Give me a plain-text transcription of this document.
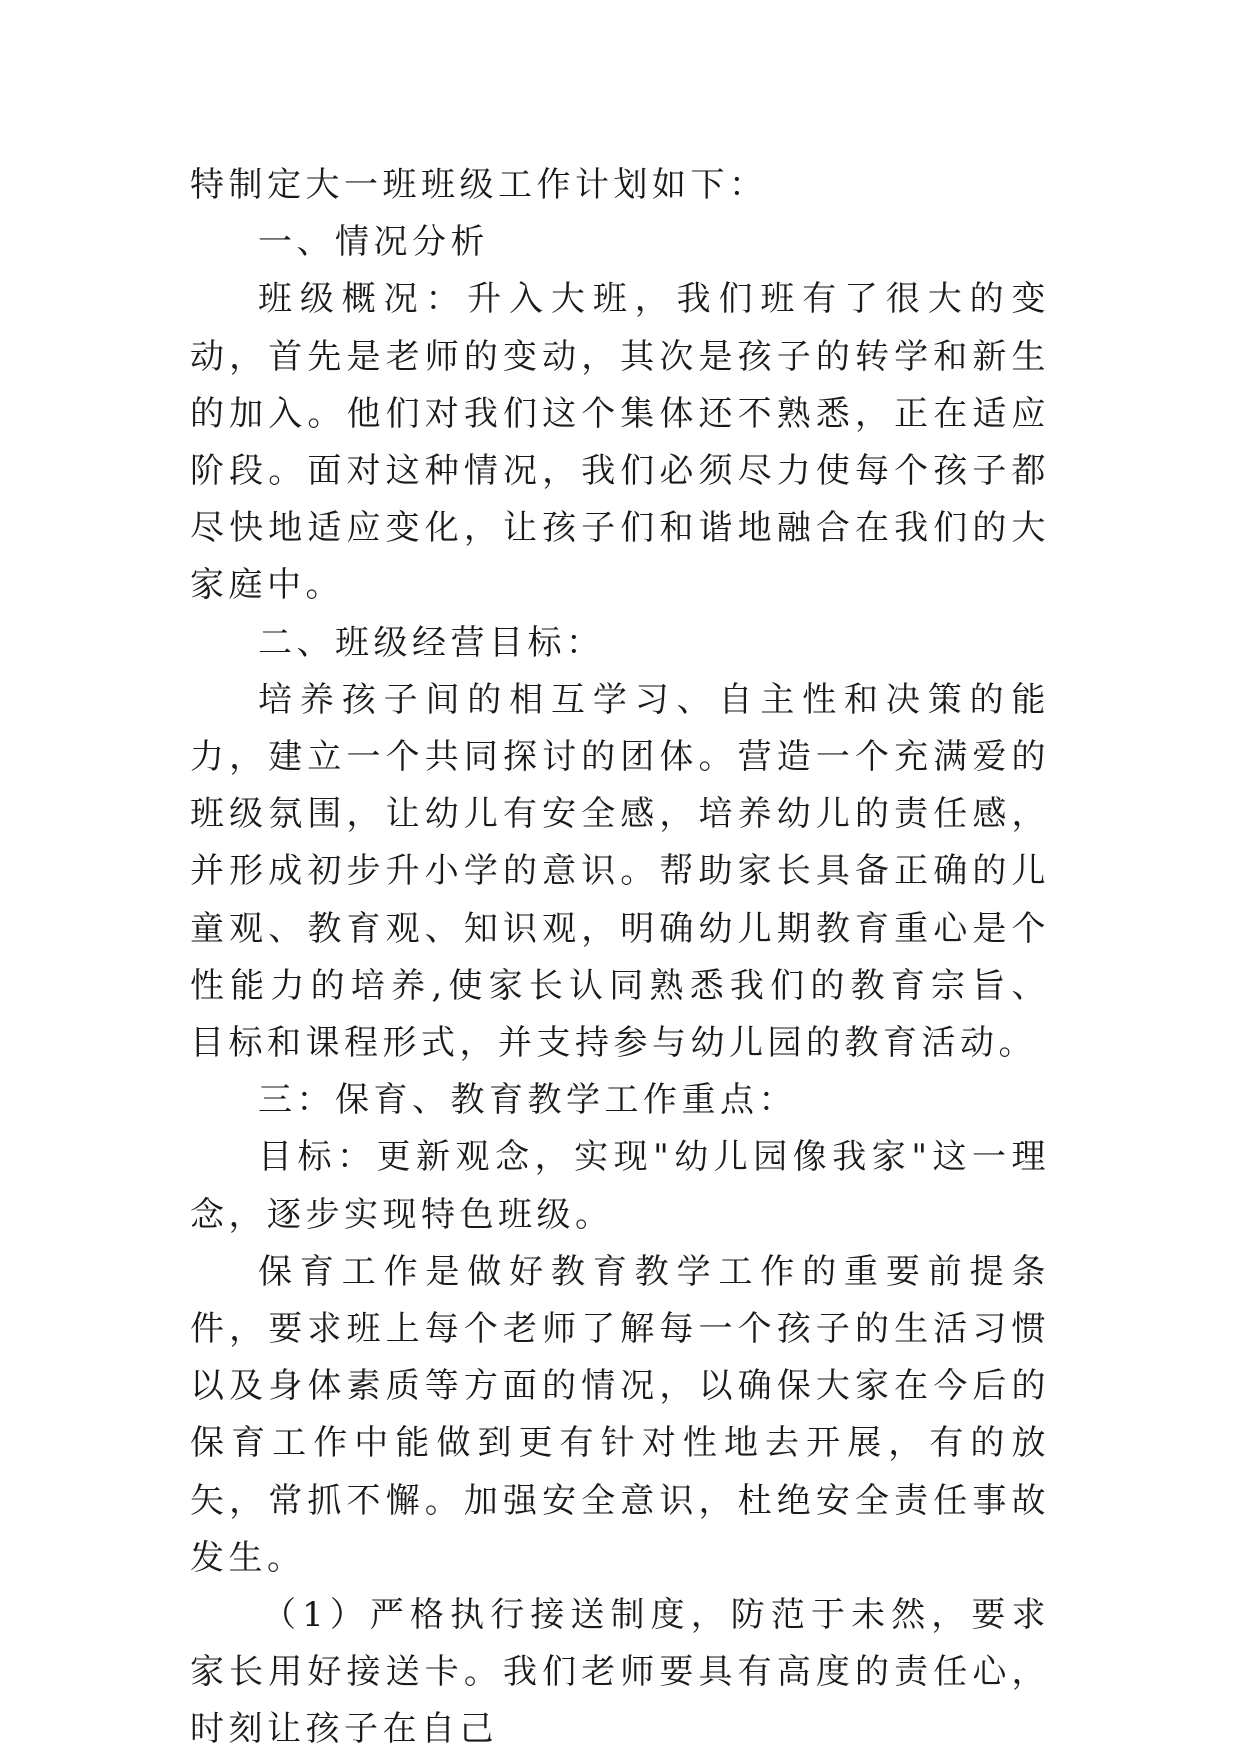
特制定大一班班级工作计划如下：

一、情况分析

班级概况：升入大班，我们班有了很大的变动，首先是老师的变动，其次是孩子的转学和新生的加入。他们对我们这个集体还不熟悉，正在适应阶段。面对这种情况，我们必须尽力使每个孩子都尽快地适应变化，让孩子们和谐地融合在我们的大家庭中。

二、班级经营目标：

培养孩子间的相互学习、自主性和决策的能力，建立一个共同探讨的团体。营造一个充满爱的班级氛围，让幼儿有安全感，培养幼儿的责任感，并形成初步升小学的意识。帮助家长具备正确的儿童观、教育观、知识观，明确幼儿期教育重心是个性能力的培养,使家长认同熟悉我们的教育宗旨、目标和课程形式，并支持参与幼儿园的教育活动。

三：保育、教育教学工作重点：

目标：更新观念，实现"幼儿园像我家"这一理念，逐步实现特色班级。

保育工作是做好教育教学工作的重要前提条件，要求班上每个老师了解每一个孩子的生活习惯以及身体素质等方面的情况，以确保大家在今后的保育工作中能做到更有针对性地去开展，有的放矢，常抓不懈。加强安全意识，杜绝安全责任事故发生。

（1）严格执行接送制度，防范于未然，要求家长用好接送卡。我们老师要具有高度的责任心，时刻让孩子在自己
